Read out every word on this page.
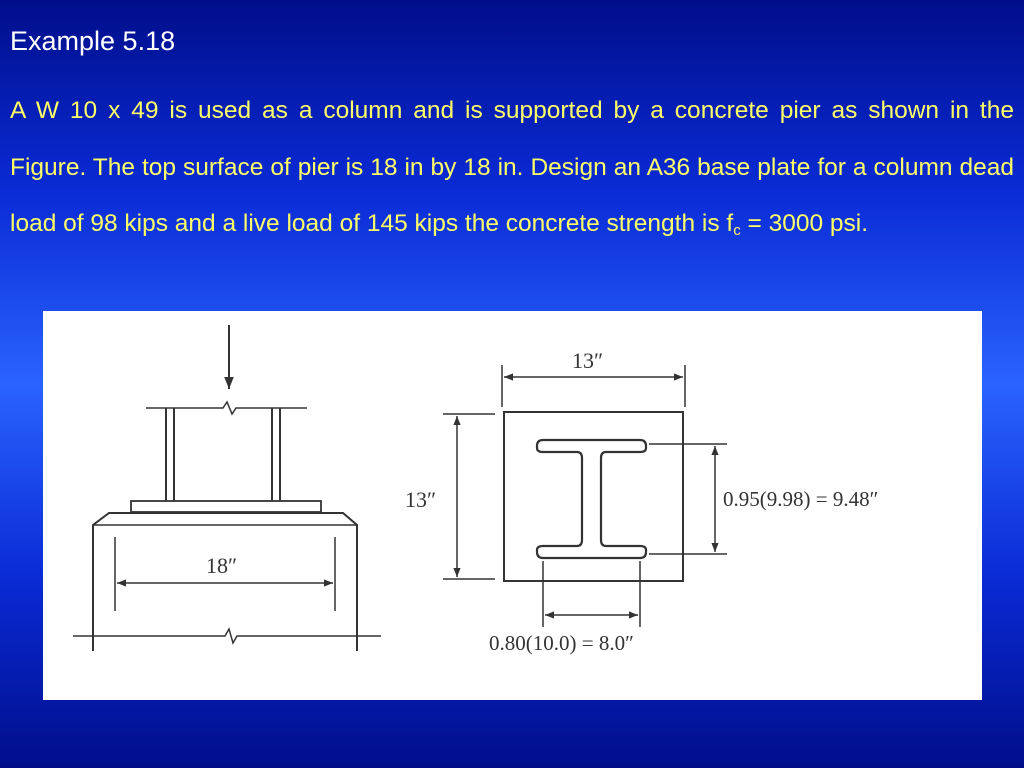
Example 5.18

A W 10 x 49 is used as a column and is supported by a concrete pier as shown in the Figure. The top surface of pier is 18 in by 18 in. Design an A36 base plate for a column dead load of 98 kips and a live load of 145 kips the concrete strength is $f_c = 3000$ psi.

18″
13″
13″	0.95(9.98) = 9.48″
0.80(10.0) = 8.0″
